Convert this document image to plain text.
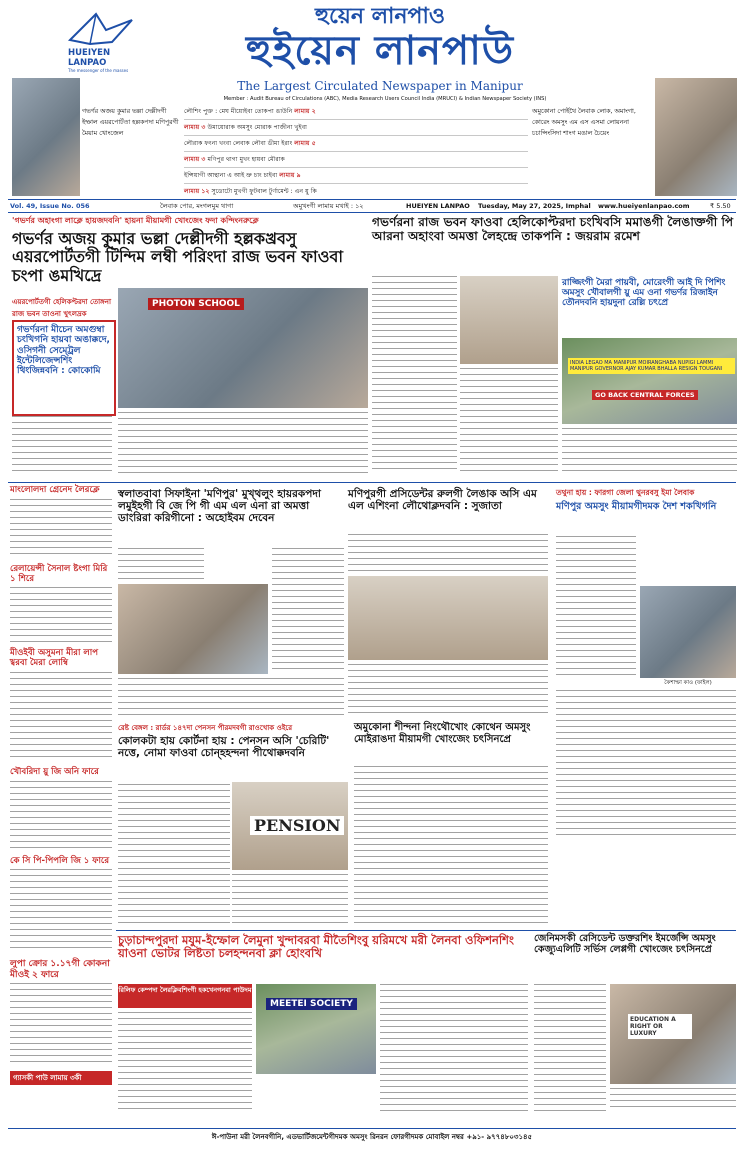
HUEIYEN LANPAO
The messenger of the masses
হুয়েন লানপাও
হুইয়েন লানপাউ
The Largest Circulated Newspaper in Manipur
Member : Audit Bureau of Circulations (ABC), Media Research Users Council India (MRUCI) & Indian Newspaper Society (INS)
গভর্ণর অজয় কুমার ভল্লা দেল্লীদগী ইম্ফাল এয়রপোর্টতা হল্লকপদা মণিপুরগী মৈয়াম খোংজেল
লৌশিং পুক্ত : মেঘ মীয়োইবা তোকপা ঙাউনি লামায় ২
লামায় ৩ উমায়োরাক অমসুং মোরাক পাজীনা খুইবা
লৌরাক ফংনা খংবা লেবাক লৌবা ডীমা ইরাং লামায় ৫
লামায় ৩ মণিপুর থাগা মুখং হায়বা মৌরাক
ইন্সিয়াগী আন্থানা এ আই ভ্রু চাং চাইবা লামায় ৯
লামায় ১২ সুডোটো মুখগী ফুটবাল টুর্ণামেন্ট : এন য়ু কি
অমুকোনা পোইথৈ লৈবাক লোক, অমাংগা, কোরেং অমসুং এম এস এসমা লোয়ননা চচান্সিংসিদা শাংগ মঙাল চৈয়েং
Vol. 49, Issue No. 056	লৈবাক পোর, মংগলমুম থাগা	অমুখংগী লামায় মখাই : ১২	HUEIYEN LANPAO Tuesday, May 27, 2025, Imphal www.hueiyenlanpao.com	₹ 5.50
'গভর্ণর অহাংগা লাক্লে হায়জদবনি' হায়না মীয়ামগী খোংজেং ফদা কন্দিংনরুক্লে
গভর্ণর অজয় কুমার ভল্লা দেল্লীদগী হল্লকখ্রবসু এয়রপোর্টতগী টিন্দিম লম্বী পরিংদা রাজ ভবন ফাওবা চংপা ঙমখিদ্রে
এয়রপোর্টতগী হেলিকপ্টরদা তোঙ্গনা রাজ ভবন তাওনা খুৎলদ্রক
গভর্ণরনা মীচেন অমগুম্বা চংখিগনি হায়বা অঙাক্কদে, ওসিগনী সেম্ট্রেল ইন্টেলিজেন্সশিং থিংজিন্নবনি : কোকোমি
PHOTON SCHOOL
গভর্ণরনা রাজ ভবন ফাওবা হেলিকোপ্টরদা চংখিবসি মমাঙগী লৈঙাক্তগী পি আরনা অহাংবা অমত্তা লৈহন্দ্রে তাকপনি : জয়রাম রমেশ
রাজ্জিংগী মৈরা পায়বী, মোরেংগী আই দি পিশিং অমসুং খৌবালগী য়ু এম ওনা গভর্ণর রিজাইন তৌনদবনি হায়দুনা রেল্লি চৎপ্রে
INDIA LEGAO MA MANIPUR MOIRANGHABA NUPIGI LAMMI MANIPUR GOVERNOR AJAY KUMAR BHALLA RESIGN TOUGANI
GO BACK CENTRAL FORCES
মাংলোলদা গ্রেনেদ লৈরক্লে
রেলায়েন্সী সৈনাল ষ্টংগা মিরি ১ শিরে
মীওইবী অসুমনা মীরা লাপ খ্বরবা মৈরা লোম্বি
খৌবরিদা য়ু জি অনি ফারে
কে সি পি-পিপলি জি ১ ফারে
লুপা ক্রোর ১.১৭গী কোকনা মীওই ২ ফারে
গ্যাসকী পাউ লামায় ৩কী
স্বলাতবাবা সিফাইনা 'মণিপুর' মুখ্থলুং হায়রকপদা লমুইহগী বি জে পি গী এম এল এনা রা অমত্তা ডাংরিরা করিগীনো : অহোইবম দেবেন
মণিপুরগী প্রসিডেন্টর রুলগী লৈঙাক অসি এম এল এশিংনা লৌথোক্লদবনি : সুজাতা
তথুনা হায় : ফারগা জেলা থুনরবসু ইমা লৈবাক
মণিপুর অমসুং মীয়ামগীদমক দৈশ শকখিগনি
কৈশাম্ফা কাও (ফাইল)
রেষ্ট বেঙ্গল : রার্ডর ১৪৭দা পেনসন পীরমদবগী রাওখোক ওইরে
কোলকটা হায় কোর্টনা হায় : পেনসন অসি 'চেরিটি' নত্তে, নোমা ফাওবা চোন্হহন্দনা পীথোক্কদবনি
PENSION
অমুকোনা শীন্দনা নিংথৌখোং কোথেন অমসুং মোইরাঙদা মীয়ামগী খোংজেং চৎসিনপ্রে
চুড়াচান্দপুরদা মযুম-ইম্ফোল লৈমুনা খুন্দাবরবা মীতৈশিংবু য়রিমখে মরী লৈনবা ওফিশনশিং য়াওনা ভোটর লিষ্টতা চলহন্দনবা ক্লা হোংবখি
রিলিফ কেম্পদা লৈরক্লিবশিংগী হকখেনগনবা পাউদম
MEETEI SOCIETY
জেনিমসকী রেসিডেন্ট ডক্তরশিং ইমর্জেন্সি অমসুং কেজ্যুএলিটি সর্ভিস লেপ্পগী খোংজেং চৎসিনপ্রে
EDUCATION A RIGHT OR LUXURY
ঈ-পাউনা মরী লৈনবগীনি, এডভার্টিজমেন্টগীদমক অমসুং রিনরন ফোরগীদমক মোবাইল নম্বর +৯১- ৯৭৭৪৮০৩১৪৫
